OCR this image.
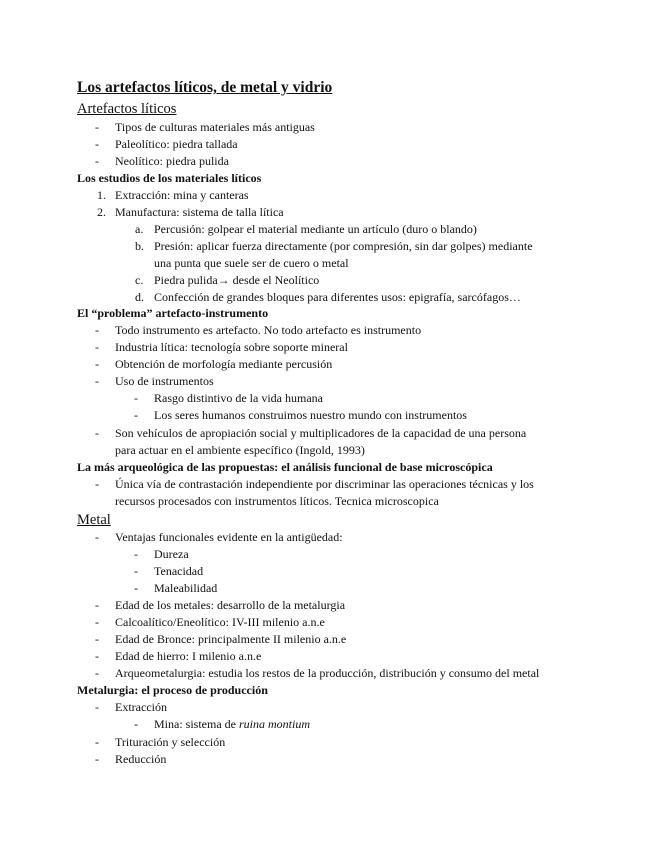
Los artefactos líticos, de metal y vidrio
Artefactos líticos
- Tipos de culturas materiales más antiguas
- Paleolítico: piedra tallada
- Neolítico: piedra pulida
Los estudios de los materiales líticos
1. Extracción: mina y canteras
2. Manufactura: sistema de talla lítica
a. Percusión: golpear el material mediante un artículo (duro o blando)
b. Presión: aplicar fuerza directamente (por compresión, sin dar golpes) mediante
una punta que suele ser de cuero o metal
c. Piedra pulida→ desde el Neolítico
d. Confección de grandes bloques para diferentes usos: epigrafía, sarcófagos…
El “problema” artefacto-instrumento
- Todo instrumento es artefacto. No todo artefacto es instrumento
- Industria lítica: tecnología sobre soporte mineral
- Obtención de morfología mediante percusión
- Uso de instrumentos
- Rasgo distintivo de la vida humana
- Los seres humanos construimos nuestro mundo con instrumentos
- Son vehículos de apropiación social y multiplicadores de la capacidad de una persona
para actuar en el ambiente específico (Ingold, 1993)
La más arqueológica de las propuestas: el análisis funcional de base microscópica
- Única vía de contrastación independiente por discriminar las operaciones técnicas y los
recursos procesados con instrumentos líticos. Tecnica microscopica
Metal
- Ventajas funcionales evidente en la antigüedad:
- Dureza
- Tenacidad
- Maleabilidad
- Edad de los metales: desarrollo de la metalurgia
- Calcoalítico/Eneolítico: IV-III milenio a.n.e
- Edad de Bronce: principalmente II milenio a.n.e
- Edad de hierro: I milenio a.n.e
- Arqueometalurgia: estudia los restos de la producción, distribución y consumo del metal
Metalurgia: el proceso de producción
- Extracción
- Mina: sistema de ruina montium
- Trituración y selección
- Reducción
